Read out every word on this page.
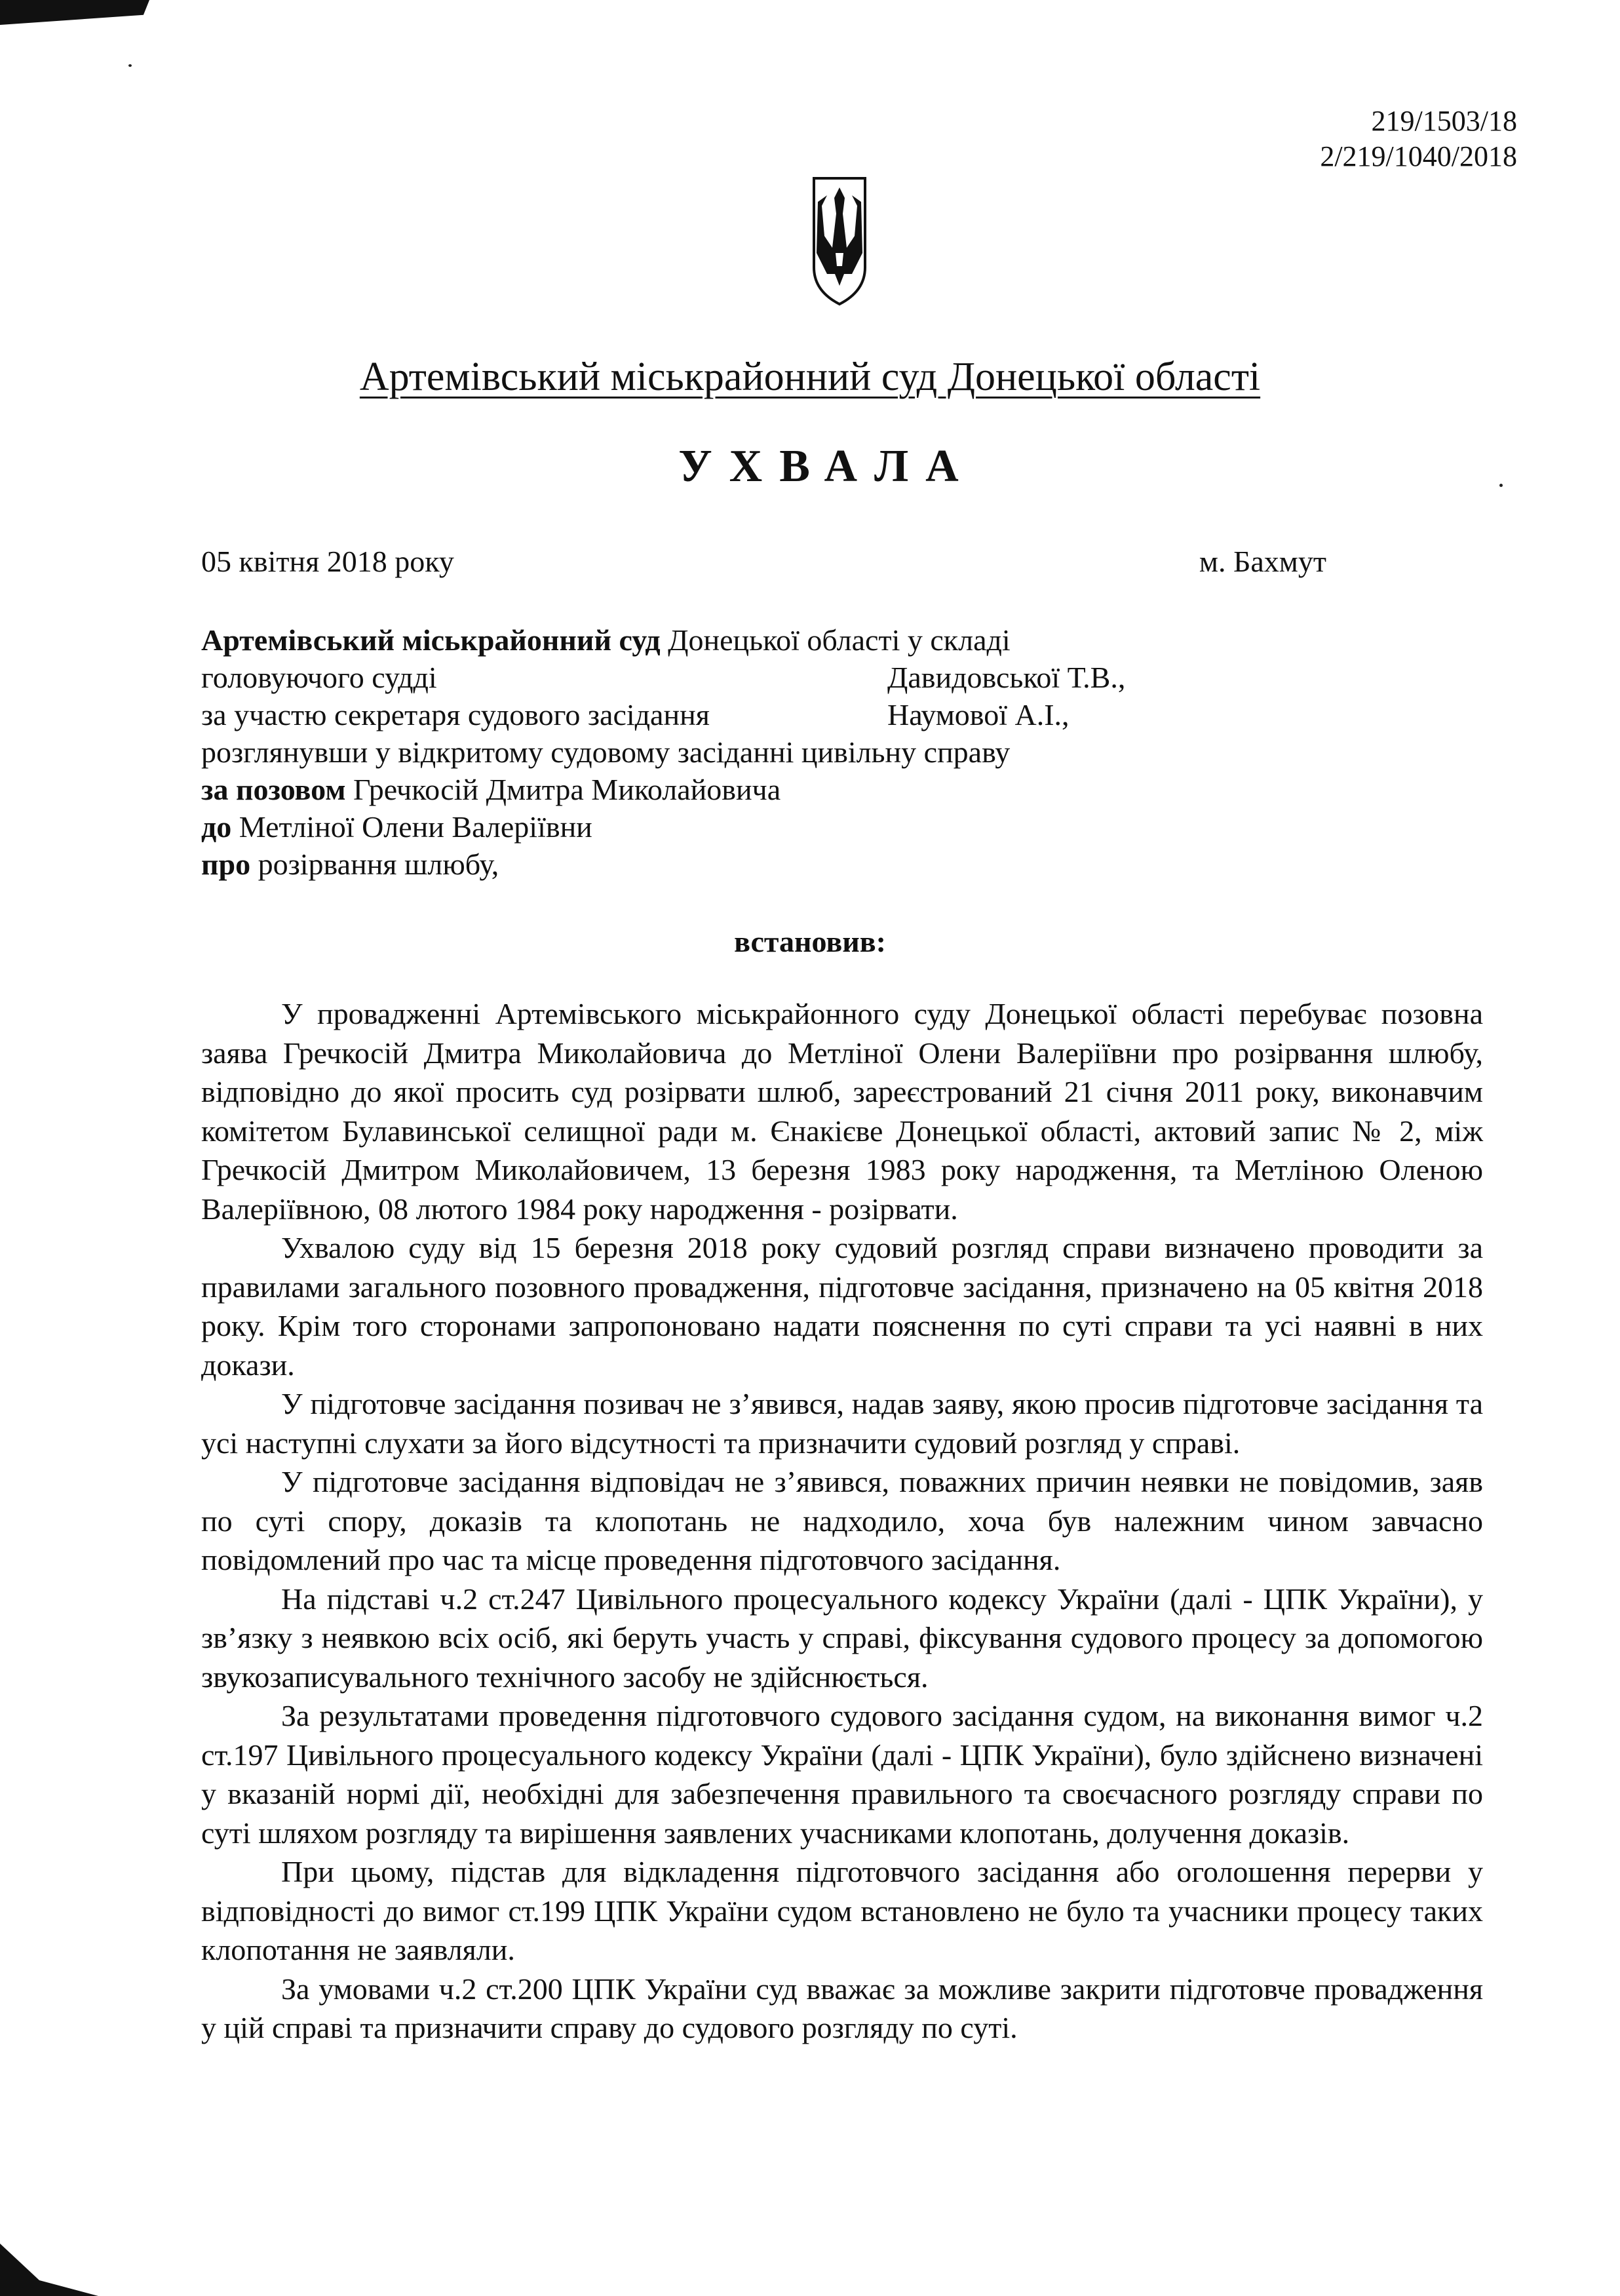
219/1503/18
2/219/1040/2018
Артемівський міськрайонний суд Донецької області
УХВАЛА
05 квітня 2018 року	м. Бахмут
Артемівський міськрайонний суд Донецької області у складі
головуючого судді	Давидовської Т.В.,
за участю секретаря судового засідання	Наумової А.І.,
розглянувши у відкритому судовому засіданні цивільну справу
за позовом Гречкосій Дмитра Миколайовича
до Метліної Олени Валеріївни
про розірвання шлюбу,
встановив:

У провадженні Артемівського міськрайонного суду Донецької області перебуває позовна заява Гречкосій Дмитра Миколайовича до Метліної Олени Валеріївни про розірвання шлюбу, відповідно до якої просить суд розірвати шлюб, зареєстрований 21 січня 2011 року, виконавчим комітетом Булавинської селищної ради м. Єнакієве Донецької області, актовий запис № 2, між Гречкосій Дмитром Миколайовичем, 13 березня 1983 року народження, та Метліною Оленою Валеріївною, 08 лютого 1984 року народження - розірвати.

Ухвалою суду від 15 березня 2018 року судовий розгляд справи визначено проводити за правилами загального позовного провадження, підготовче засідання, призначено на 05 квітня 2018 року. Крім того сторонами запропоновано надати пояснення по суті справи та усі наявні в них докази.

У підготовче засідання позивач не з’явився, надав заяву, якою просив підготовче засідання та усі наступні слухати за його відсутності та призначити судовий розгляд у справі.

У підготовче засідання відповідач не з’явився, поважних причин неявки не повідомив, заяв по суті спору, доказів та клопотань не надходило, хоча був належним чином завчасно повідомлений про час та місце проведення підготовчого засідання.

На підставі ч.2 ст.247 Цивільного процесуального кодексу України (далі - ЦПК України), у зв’язку з неявкою всіх осіб, які беруть участь у справі, фіксування судового процесу за допомогою звукозаписувального технічного засобу не здійснюється.

За результатами проведення підготовчого судового засідання судом, на виконання вимог ч.2 ст.197 Цивільного процесуального кодексу України (далі - ЦПК України), було здійснено визначені у вказаній нормі дії, необхідні для забезпечення правильного та своєчасного розгляду справи по суті шляхом розгляду та вирішення заявлених учасниками клопотань, долучення доказів.

При цьому, підстав для відкладення підготовчого засідання або оголошення перерви у відповідності до вимог ст.199 ЦПК України судом встановлено не було та учасники процесу таких клопотання не заявляли.

За умовами ч.2 ст.200 ЦПК України суд вважає за можливе закрити підготовче провадження у цій справі та призначити справу до судового розгляду по суті.
